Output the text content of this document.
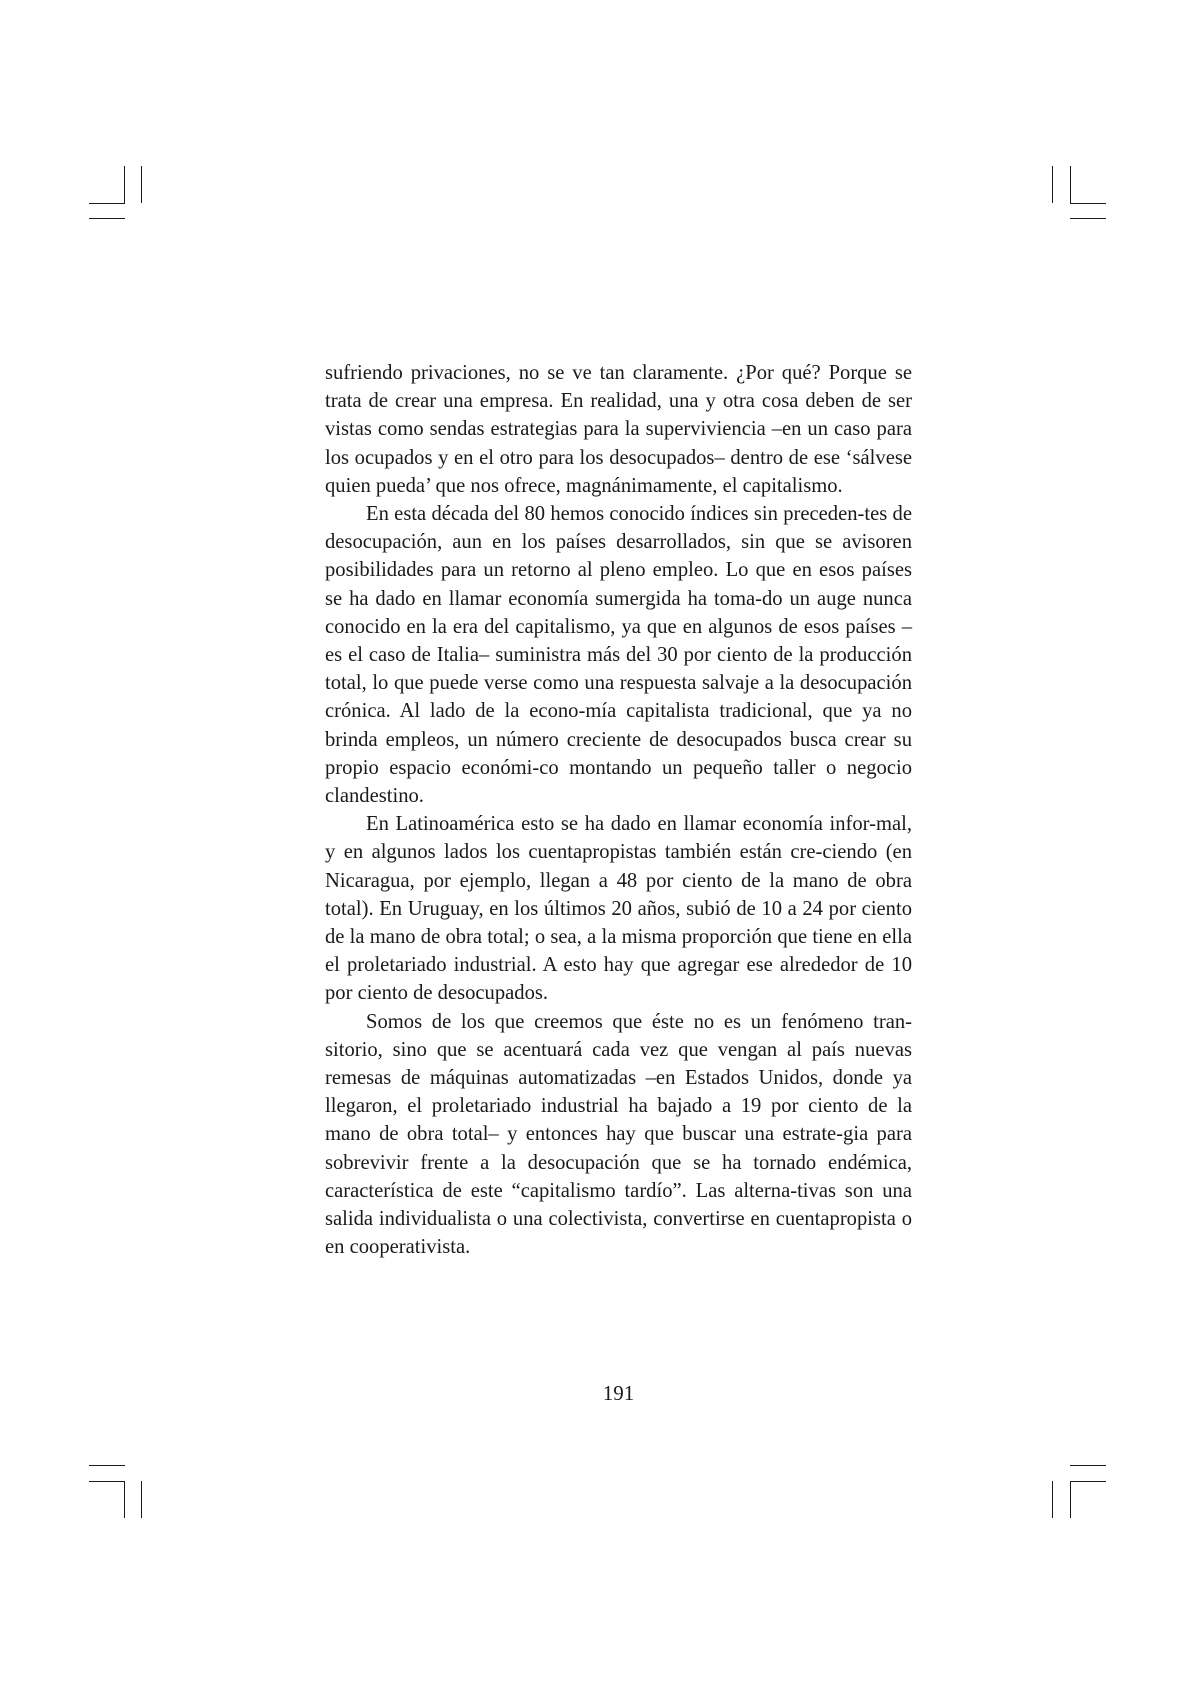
sufriendo privaciones, no se ve tan claramente. ¿Por qué? Porque se trata de crear una empresa. En realidad, una y otra cosa deben de ser vistas como sendas estrategias para la superviviencia –en un caso para los ocupados y en el otro para los desocupados– dentro de ese ‘sálvese quien pueda’ que nos ofrece, magnánimamente, el capitalismo.

En esta década del 80 hemos conocido índices sin preceden-tes de desocupación, aun en los países desarrollados, sin que se avisoren posibilidades para un retorno al pleno empleo. Lo que en esos países se ha dado en llamar economía sumergida ha toma-do un auge nunca conocido en la era del capitalismo, ya que en algunos de esos países –es el caso de Italia– suministra más del 30 por ciento de la producción total, lo que puede verse como una respuesta salvaje a la desocupación crónica. Al lado de la econo-mía capitalista tradicional, que ya no brinda empleos, un número creciente de desocupados busca crear su propio espacio económi-co montando un pequeño taller o negocio clandestino.

En Latinoamérica esto se ha dado en llamar economía infor-mal, y en algunos lados los cuentapropistas también están cre-ciendo (en Nicaragua, por ejemplo, llegan a 48 por ciento de la mano de obra total). En Uruguay, en los últimos 20 años, subió de 10 a 24 por ciento de la mano de obra total; o sea, a la misma proporción que tiene en ella el proletariado industrial. A esto hay que agregar ese alrededor de 10 por ciento de desocupados.

Somos de los que creemos que éste no es un fenómeno tran-sitorio, sino que se acentuará cada vez que vengan al país nuevas remesas de máquinas automatizadas –en Estados Unidos, donde ya llegaron, el proletariado industrial ha bajado a 19 por ciento de la mano de obra total– y entonces hay que buscar una estrate-gia para sobrevivir frente a la desocupación que se ha tornado endémica, característica de este “capitalismo tardío”. Las alterna-tivas son una salida individualista o una colectivista, convertirse en cuentapropista o en cooperativista.

191
